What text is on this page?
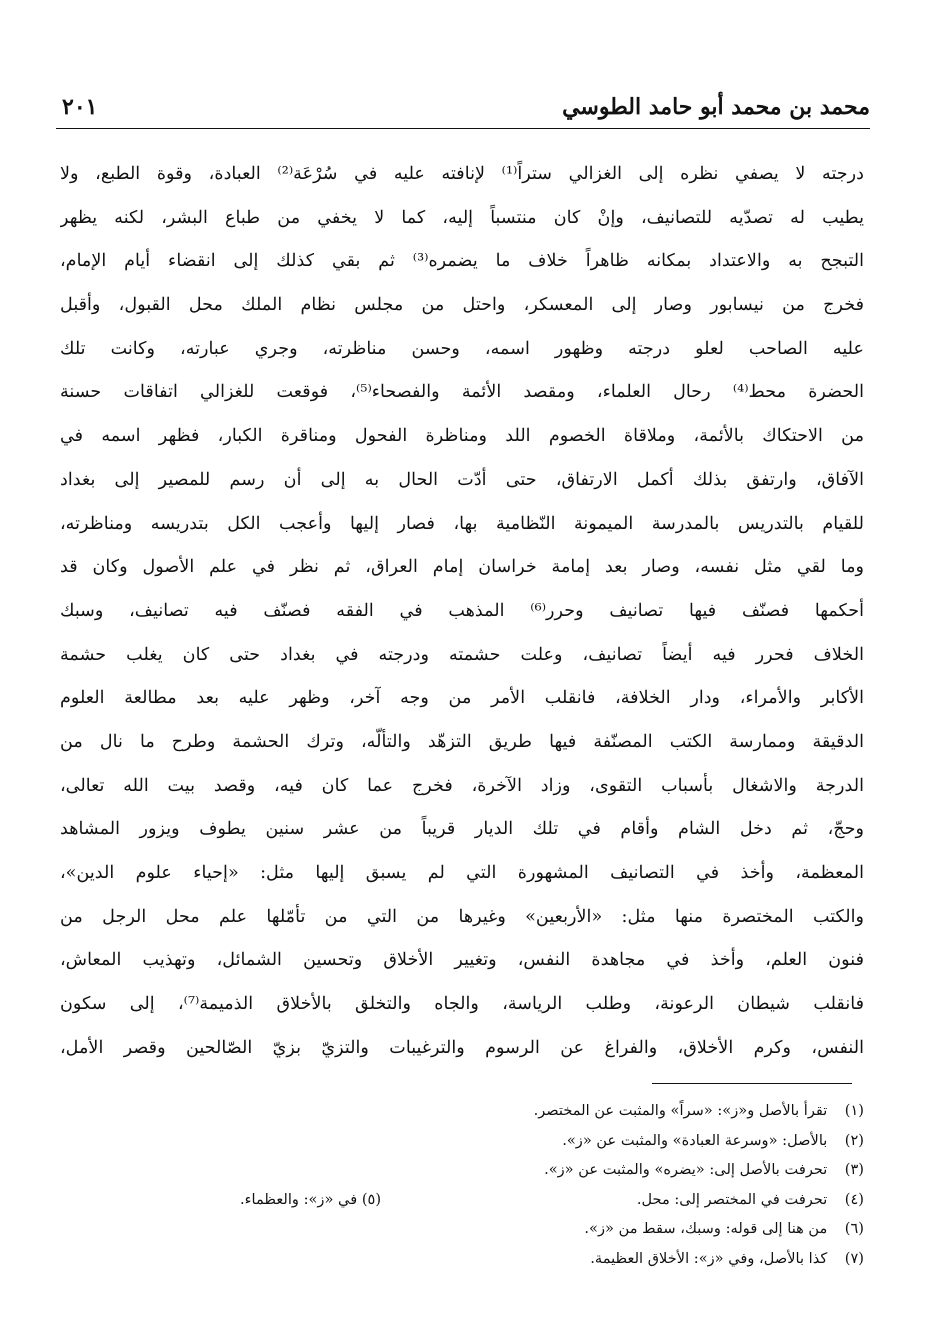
٢٠١	محمد بن محمد أبو حامد الطوسي
درجته لا يصفي نظره إلى الغزالي ستراً⁽¹⁾ لإنافته عليه في سُرْعَة⁽²⁾ العبادة، وقوة الطبع، ولا
يطيب له تصدّيه للتصانيف، وإنْ كان منتسباً إليه، كما لا يخفي من طباع البشر، لكنه يظهر
التبجح به والاعتداد بمكانه ظاهراً خلاف ما يضمره⁽³⁾ ثم بقي كذلك إلى انقضاء أيام الإمام،
فخرج من نيسابور وصار إلى المعسكر، واحتل من مجلس نظام الملك محل القبول، وأقبل
عليه الصاحب لعلو درجته وظهور اسمه، وحسن مناظرته، وجري عبارته، وكانت تلك
الحضرة محط⁽⁴⁾ رحال العلماء، ومقصد الأئمة والفصحاء⁽⁵⁾، فوقعت للغزالي اتفاقات حسنة
من الاحتكاك بالأئمة، وملاقاة الخصوم اللد ومناظرة الفحول ومناقرة الكبار، فظهر اسمه في
الآفاق، وارتفق بذلك أكمل الارتفاق، حتى أدّت الحال به إلى أن رسم للمصير إلى بغداد
للقيام بالتدريس بالمدرسة الميمونة النّظامية بها، فصار إليها وأعجب الكل بتدريسه ومناظرته،
وما لقي مثل نفسه، وصار بعد إمامة خراسان إمام العراق، ثم نظر في علم الأصول وكان قد
أحكمها فصنّف فيها تصانيف وحرر⁽⁶⁾ المذهب في الفقه فصنّف فيه تصانيف، وسبك
الخلاف فحرر فيه أيضاً تصانيف، وعلت حشمته ودرجته في بغداد حتى كان يغلب حشمة
الأكابر والأمراء، ودار الخلافة، فانقلب الأمر من وجه آخر، وظهر عليه بعد مطالعة العلوم
الدقيقة وممارسة الكتب المصنّفة فيها طريق التزهّد والتألّه، وترك الحشمة وطرح ما نال من
الدرجة والاشغال بأسباب التقوى، وزاد الآخرة، فخرج عما كان فيه، وقصد بيت الله تعالى،
وحجّ، ثم دخل الشام وأقام في تلك الديار قريباً من عشر سنين يطوف ويزور المشاهد
المعظمة، وأخذ في التصانيف المشهورة التي لم يسبق إليها مثل: «إحياء علوم الدين»،
والكتب المختصرة منها مثل: «الأربعين» وغيرها من التي من تأمّلها علم محل الرجل من
فنون العلم، وأخذ في مجاهدة النفس، وتغيير الأخلاق وتحسين الشمائل، وتهذيب المعاش،
فانقلب شيطان الرعونة، وطلب الرياسة، والجاه والتخلق بالأخلاق الذميمة⁽⁷⁾، إلى سكون
النفس، وكرم الأخلاق، والفراغ عن الرسوم والترغيبات والتزيّ بزيّ الصّالحين وقصر الأمل،
(١) تقرأ بالأصل و«ز»: «سراً» والمثبت عن المختصر.
(٢) بالأصل: «وسرعة العبادة» والمثبت عن «ز».
(٣) تحرفت بالأصل إلى: «يضره» والمثبت عن «ز».
(٤) تحرفت في المختصر إلى: محل.
(٥) في «ز»: والعظماء.
(٦) من هنا إلى قوله: وسبك، سقط من «ز».
(٧) كذا بالأصل، وفي «ز»: الأخلاق العظيمة.
